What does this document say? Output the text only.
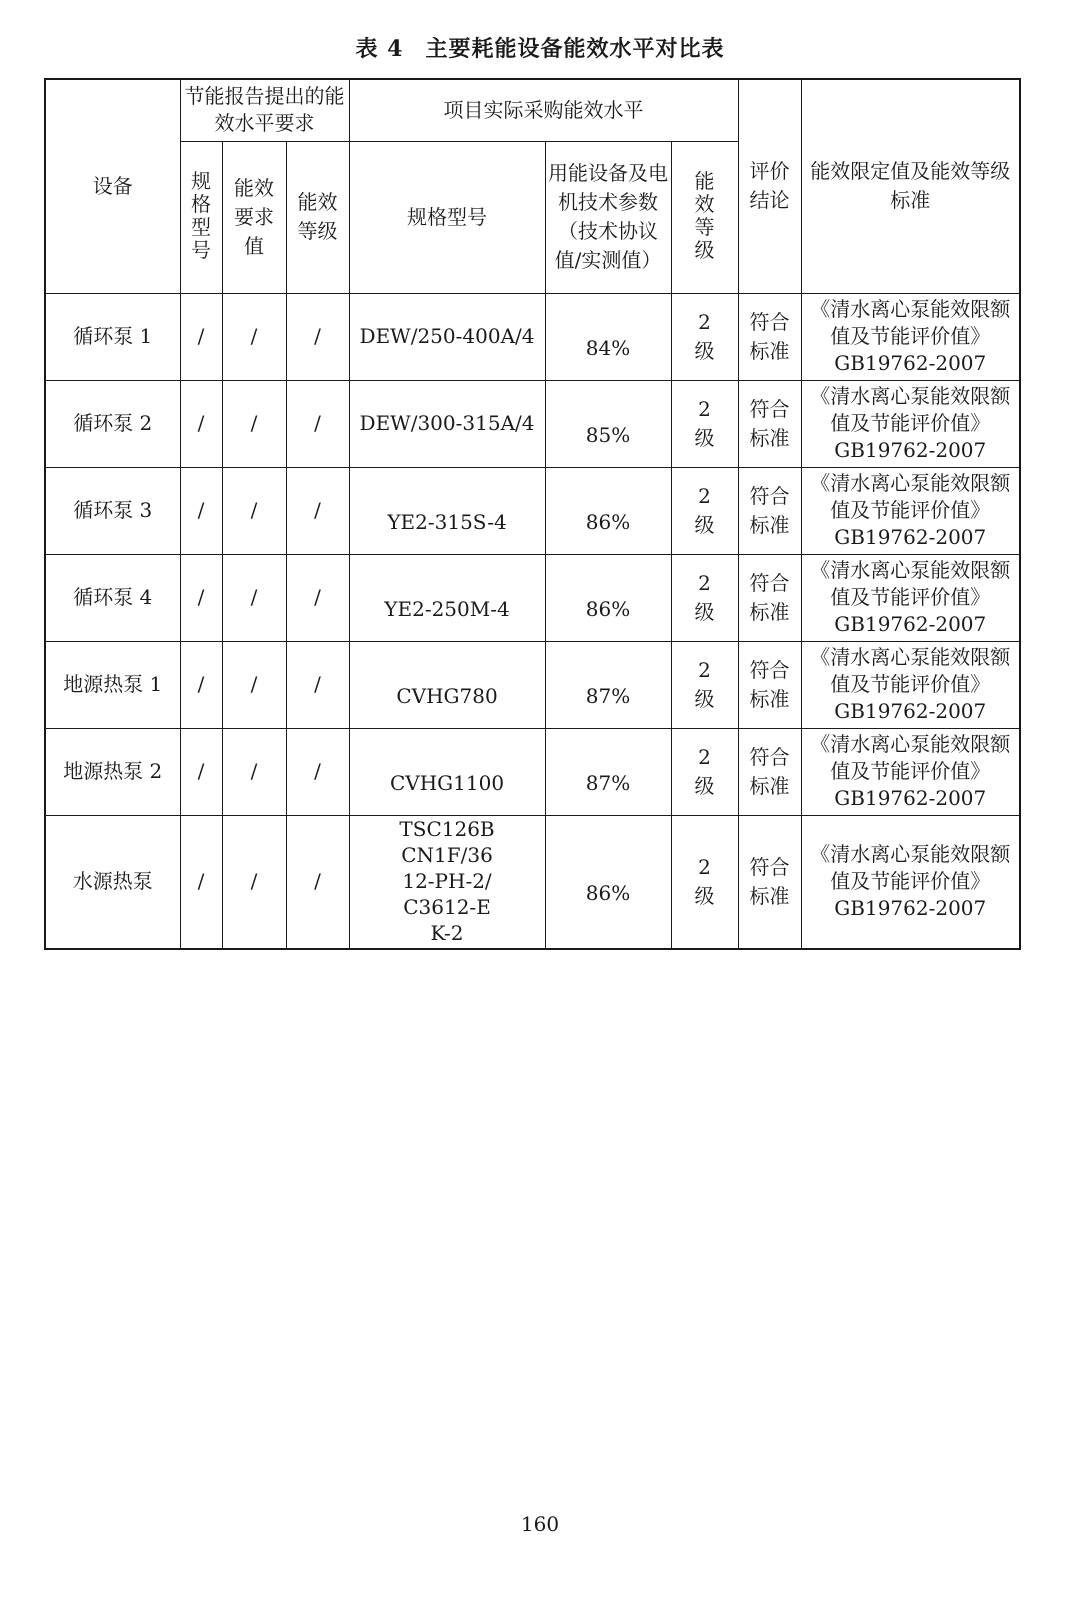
表 4 主要耗能设备能效水平对比表
设备	节能报告提出的能效水平要求			项目实际采购能效水平			评价结论	能效限定值及能效等级标准
	规格型号	能效要求值	能效等级	规格型号	用能设备及电机技术参数（技术协议值/实测值）	能效等级		
循环泵 1	/	/	/	DEW/250-400A/4	84%	2 级	符合标准	《清水离心泵能效限额值及节能评价值》GB19762-2007
循环泵 2	/	/	/	DEW/300-315A/4	85%	2 级	符合标准	《清水离心泵能效限额值及节能评价值》GB19762-2007
循环泵 3	/	/	/	YE2-315S-4	86%	2 级	符合标准	《清水离心泵能效限额值及节能评价值》GB19762-2007
循环泵 4	/	/	/	YE2-250M-4	86%	2 级	符合标准	《清水离心泵能效限额值及节能评价值》GB19762-2007
地源热泵 1	/	/	/	CVHG780	87%	2 级	符合标准	《清水离心泵能效限额值及节能评价值》GB19762-2007
地源热泵 2	/	/	/	CVHG1100	87%	2 级	符合标准	《清水离心泵能效限额值及节能评价值》GB19762-2007
水源热泵	/	/	/	TSC126B CN1F/36 12-PH-2/ C3612-E K-2	86%	2 级	符合标准	《清水离心泵能效限额值及节能评价值》GB19762-2007
160
